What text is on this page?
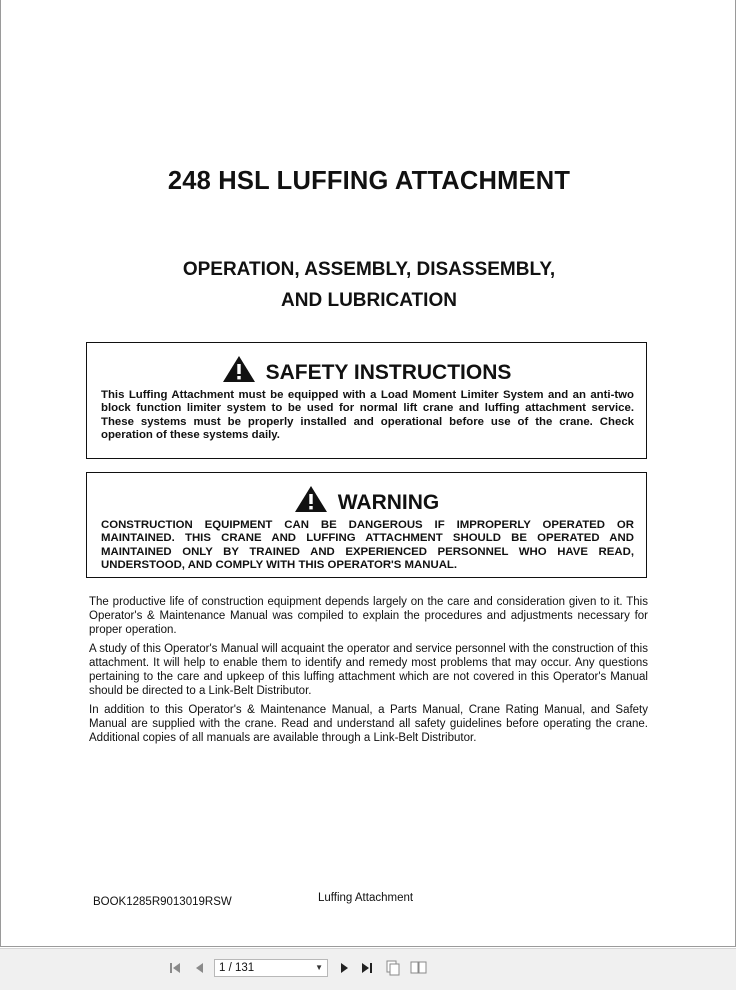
248 HSL LUFFING ATTACHMENT
OPERATION, ASSEMBLY, DISASSEMBLY,
AND LUBRICATION
SAFETY INSTRUCTIONS
This Luffing Attachment must be equipped with a Load Moment Limiter System and an anti-two block function limiter system to be used for normal lift crane and luffing attachment service. These systems must be properly installed and operational before use of the crane. Check operation of these systems daily.
WARNING
CONSTRUCTION EQUIPMENT CAN BE DANGEROUS IF IMPROPERLY OPERATED OR MAINTAINED. THIS CRANE AND LUFFING ATTACHMENT SHOULD BE OPERATED AND MAINTAINED ONLY BY TRAINED AND EXPERIENCED PERSONNEL WHO HAVE READ, UNDERSTOOD, AND COMPLY WITH THIS OPERATOR'S MANUAL.

The productive life of construction equipment depends largely on the care and consideration given to it. This Operator's & Maintenance Manual was compiled to explain the procedures and adjustments necessary for proper operation.

A study of this Operator's Manual will acquaint the operator and service personnel with the construction of this attachment. It will help to enable them to identify and remedy most problems that may occur. Any questions pertaining to the care and upkeep of this luffing attachment which are not covered in this Operator's Manual should be directed to a Link-Belt Distributor.

In addition to this Operator's & Maintenance Manual, a Parts Manual, Crane Rating Manual, and Safety Manual are supplied with the crane. Read and understand all safety guidelines before operating the crane. Additional copies of all manuals are available through a Link-Belt Distributor.

BOOK1285R9013019RSW	Luffing Attachment
1 / 131	▼
